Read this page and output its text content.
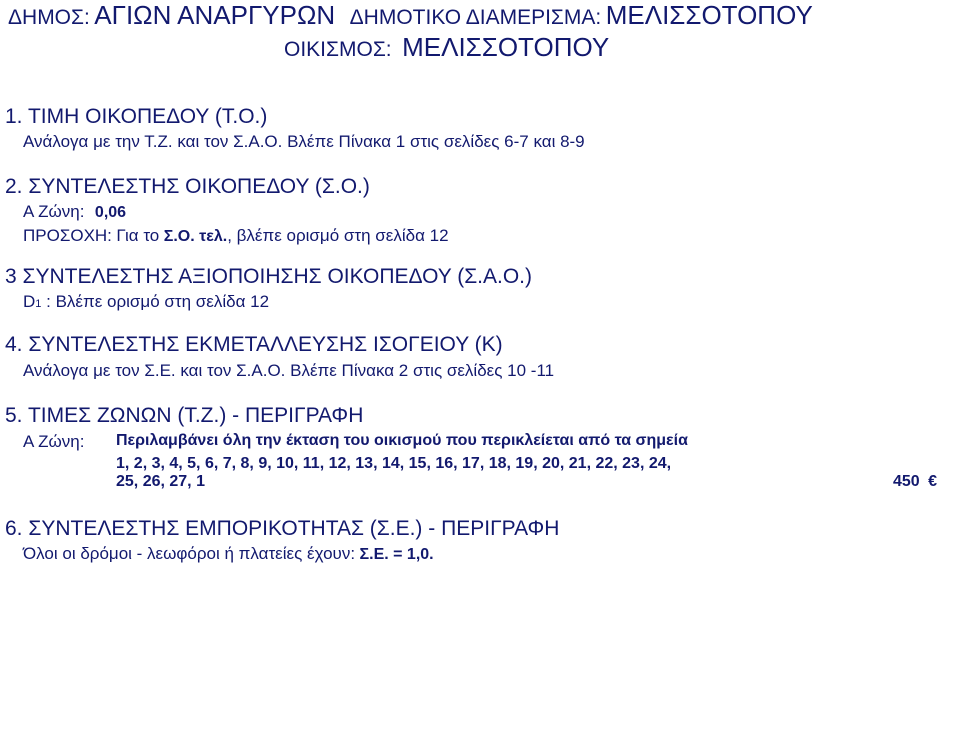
ΔΗΜΟΣ: ΑΓΙΩΝ ΑΝΑΡΓΥΡΩΝ ΔΗΜΟΤΙΚΟ ΔΙΑΜΕΡΙΣΜΑ: ΜΕΛΙΣΣΟΤΟΠΟΥ
ΟΙΚΙΣΜΟΣ: ΜΕΛΙΣΣΟΤΟΠΟΥ
1. ΤΙΜΗ ΟΙΚΟΠΕΔΟΥ (Τ.Ο.)
Ανάλογα με την Τ.Ζ. και τον Σ.Α.Ο. Βλέπε Πίνακα 1 στις σελίδες 6-7 και 8-9
2. ΣΥΝΤΕΛΕΣΤΗΣ ΟΙΚΟΠΕΔΟΥ (Σ.Ο.)
Α Ζώνη: 0,06
ΠΡΟΣΟΧΗ: Για το Σ.Ο. τελ., βλέπε ορισμό στη σελίδα 12
3 ΣΥΝΤΕΛΕΣΤΗΣ ΑΞΙΟΠΟΙΗΣΗΣ ΟΙΚΟΠΕΔΟΥ (Σ.Α.Ο.)
D1 : Βλέπε ορισμό στη σελίδα 12
4. ΣΥΝΤΕΛΕΣΤΗΣ ΕΚΜΕΤΑΛΛΕΥΣΗΣ ΙΣΟΓΕΙΟΥ (Κ)
Ανάλογα με τον Σ.Ε. και τον Σ.Α.Ο. Βλέπε Πίνακα 2 στις σελίδες 10 -11
5. ΤΙΜΕΣ ΖΩΝΩΝ (Τ.Ζ.) - ΠΕΡΙΓΡΑΦΗ
Α Ζώνη: Περιλαμβάνει όλη την έκταση του οικισμού που περικλείεται από τα σημεία
1, 2, 3, 4, 5, 6, 7, 8, 9, 10, 11, 12, 13, 14, 15, 16, 17, 18, 19, 20, 21, 22, 23, 24,
25, 26, 27, 1	450 €
6. ΣΥΝΤΕΛΕΣΤΗΣ ΕΜΠΟΡΙΚΟΤΗΤΑΣ (Σ.Ε.) - ΠΕΡΙΓΡΑΦΗ
Όλοι οι δρόμοι - λεωφόροι ή πλατείες έχουν: Σ.Ε. = 1,0.
